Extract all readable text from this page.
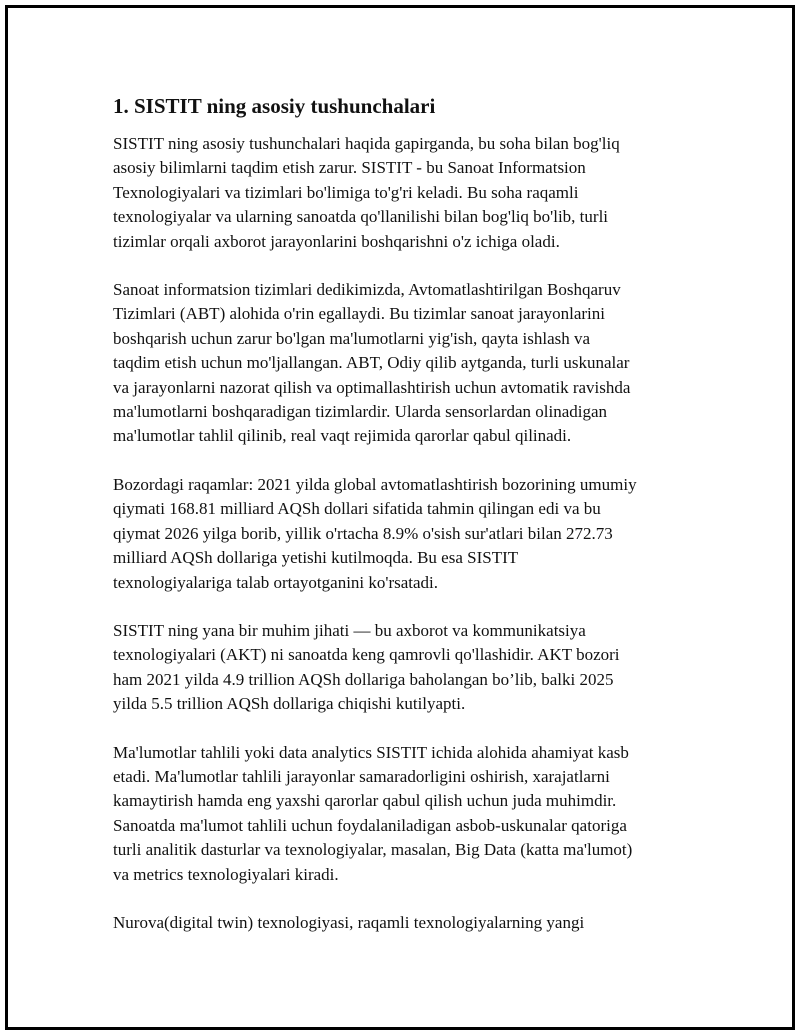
1. SISTIT ning asosiy tushunchalari

SISTIT ning asosiy tushunchalari haqida gapirganda, bu soha bilan bog'liq
asosiy bilimlarni taqdim etish zarur. SISTIT - bu Sanoat Informatsion
Texnologiyalari va tizimlari bo'limiga to'g'ri keladi. Bu soha raqamli
texnologiyalar va ularning sanoatda qo'llanilishi bilan bog'liq bo'lib, turli
tizimlar orqali axborot jarayonlarini boshqarishni o'z ichiga oladi.

Sanoat informatsion tizimlari dedikimizda, Avtomatlashtirilgan Boshqaruv
Tizimlari (ABT) alohida o'rin egallaydi. Bu tizimlar sanoat jarayonlarini
boshqarish uchun zarur bo'lgan ma'lumotlarni yig'ish, qayta ishlash va
taqdim etish uchun mo'ljallangan. ABT, Odiy qilib aytganda, turli uskunalar
va jarayonlarni nazorat qilish va optimallashtirish uchun avtomatik ravishda
ma'lumotlarni boshqaradigan tizimlardir. Ularda sensorlardan olinadigan
ma'lumotlar tahlil qilinib, real vaqt rejimida qarorlar qabul qilinadi.

Bozordagi raqamlar: 2021 yilda global avtomatlashtirish bozorining umumiy
qiymati 168.81 milliard AQSh dollari sifatida tahmin qilingan edi va bu
qiymat 2026 yilga borib, yillik o'rtacha 8.9% o'sish sur'atlari bilan 272.73
milliard AQSh dollariga yetishi kutilmoqda. Bu esa SISTIT
texnologiyalariga talab ortayotganini ko'rsatadi.

SISTIT ning yana bir muhim jihati — bu axborot va kommunikatsiya
texnologiyalari (AKT) ni sanoatda keng qamrovli qo'llashidir. AKT bozori
ham 2021 yilda 4.9 trillion AQSh dollariga baholangan bo’lib, balki 2025
yilda 5.5 trillion AQSh dollariga chiqishi kutilyapti.

Ma'lumotlar tahlili yoki data analytics SISTIT ichida alohida ahamiyat kasb
etadi. Ma'lumotlar tahlili jarayonlar samaradorligini oshirish, xarajatlarni
kamaytirish hamda eng yaxshi qarorlar qabul qilish uchun juda muhimdir.
Sanoatda ma'lumot tahlili uchun foydalaniladigan asbob-uskunalar qatoriga
turli analitik dasturlar va texnologiyalar, masalan, Big Data (katta ma'lumot)
va metrics texnologiyalari kiradi.

Nurova(digital twin) texnologiyasi, raqamli texnologiyalarning yangi
